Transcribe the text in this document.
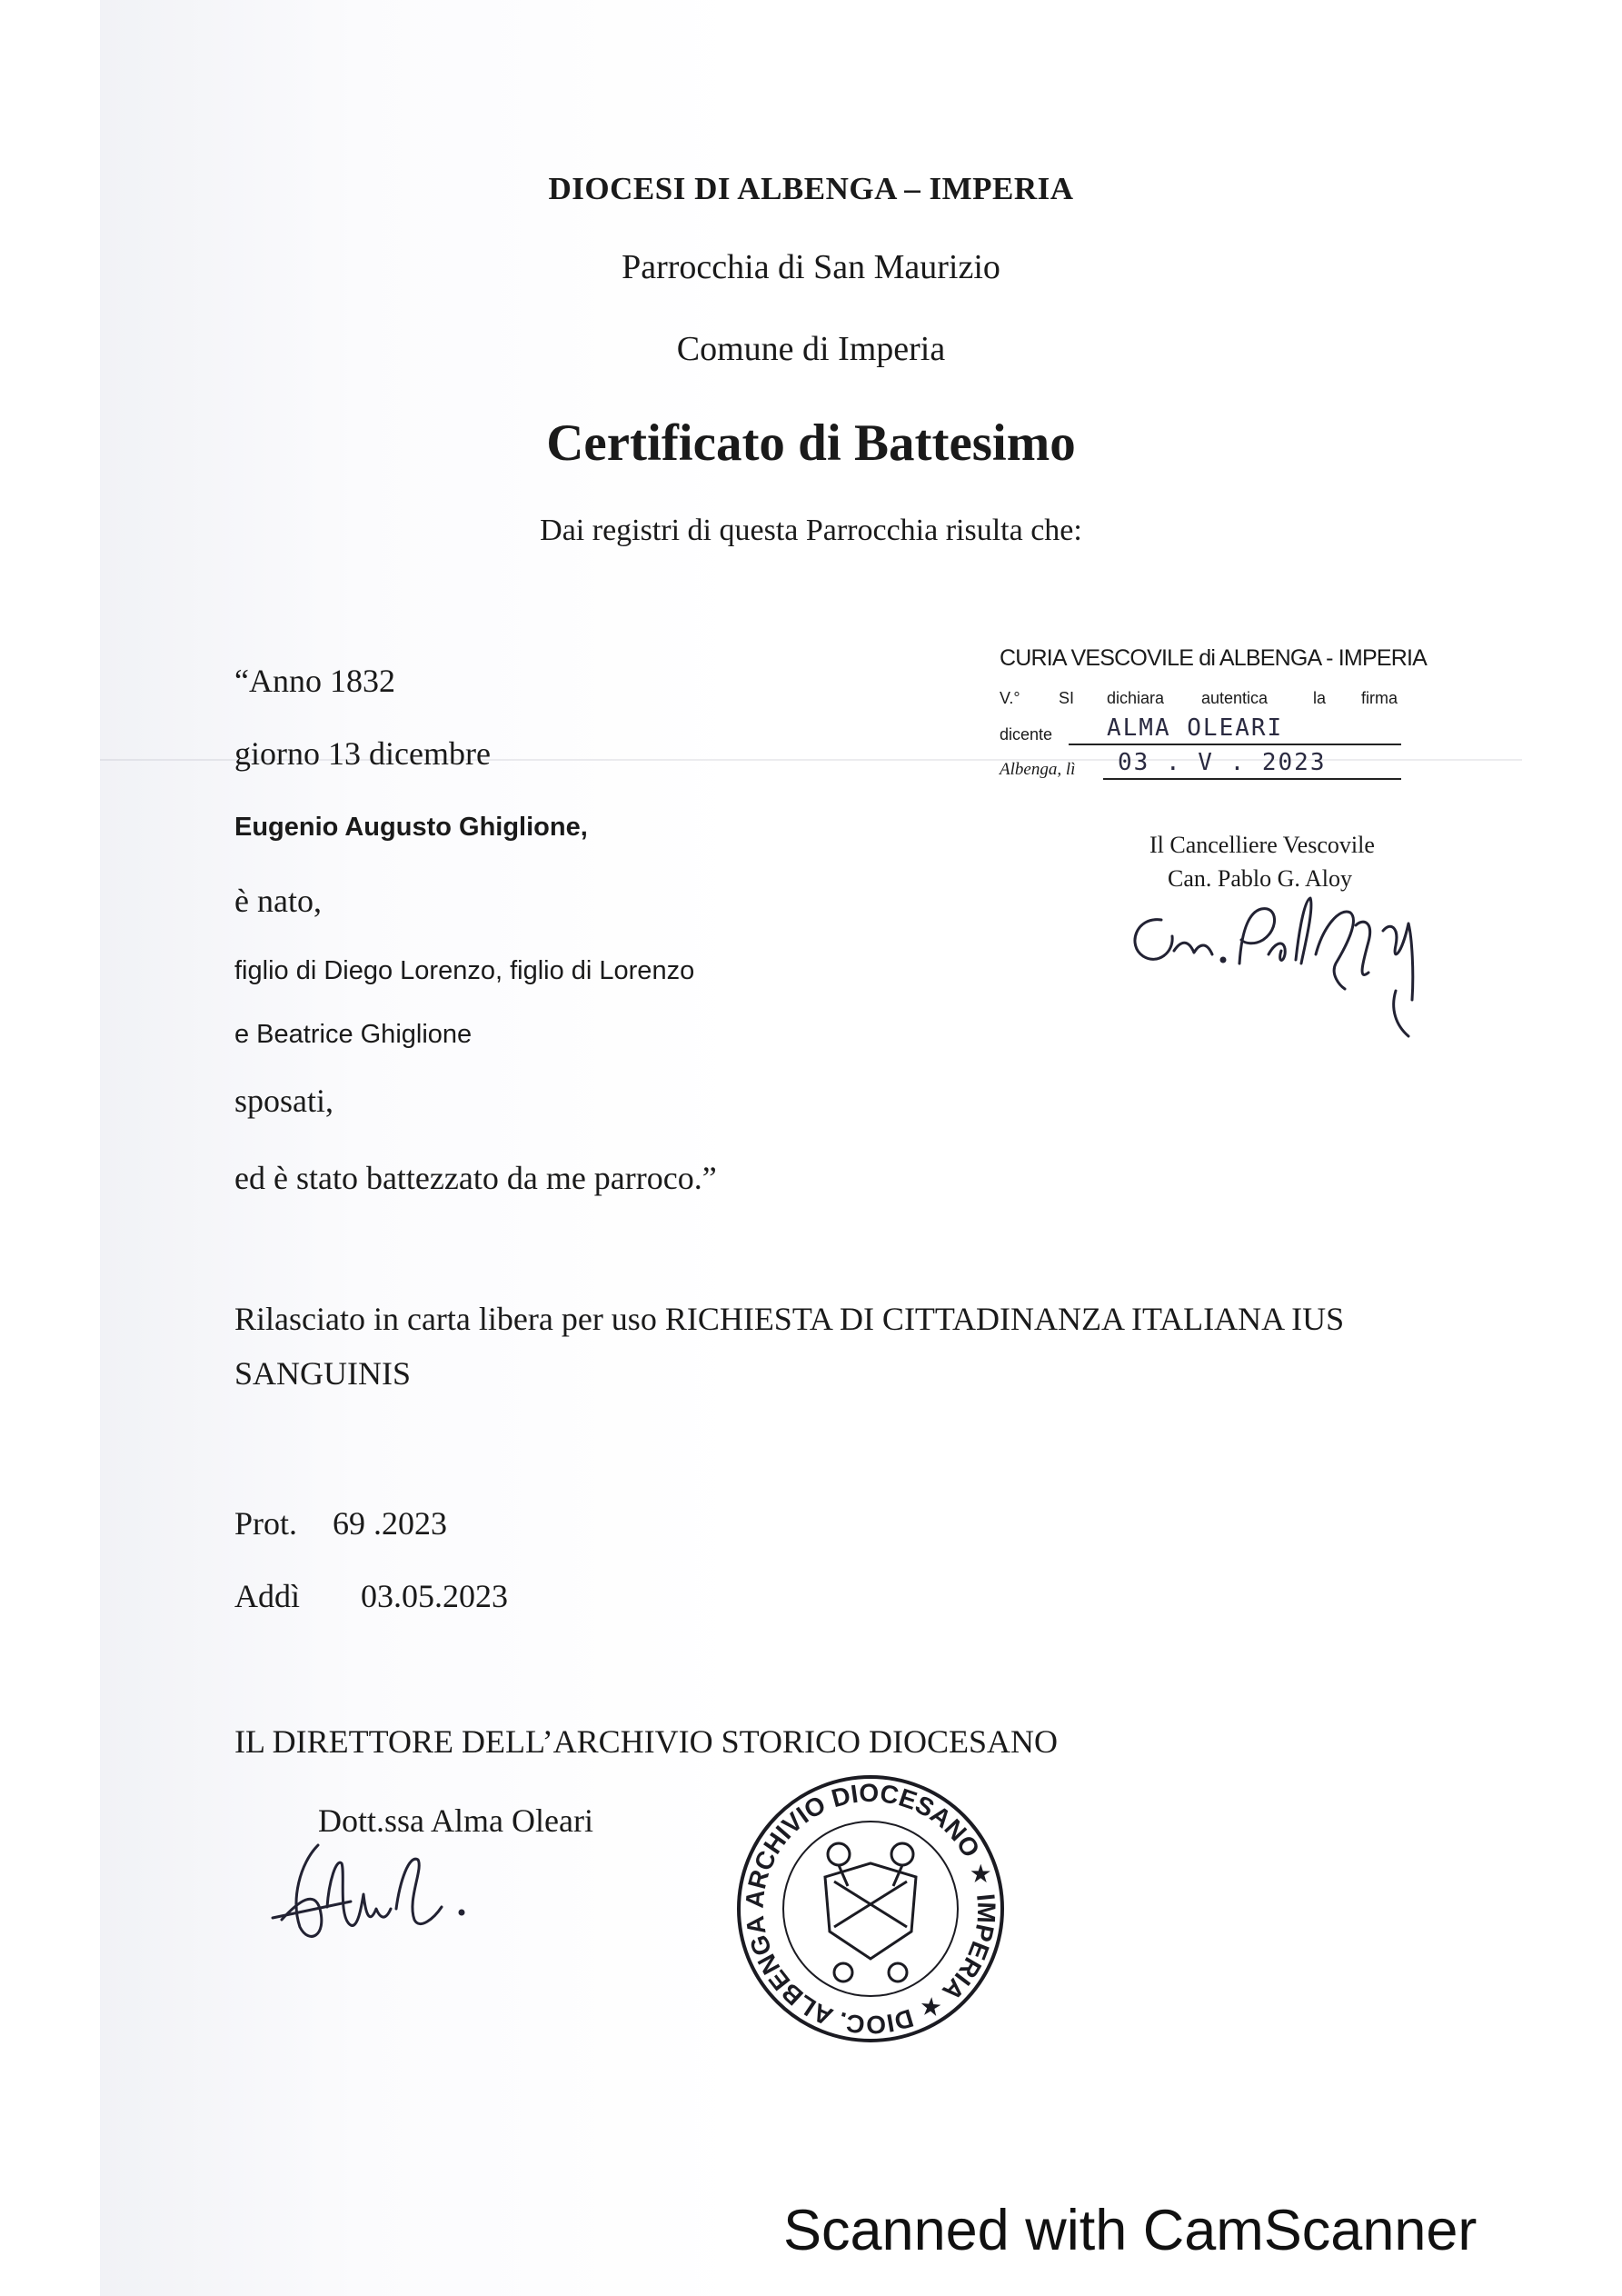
DIOCESI DI ALBENGA – IMPERIA
Parrocchia di San Maurizio
Comune di Imperia
Certificato di Battesimo
Dai registri di questa Parrocchia risulta che:
“Anno 1832
giorno 13 dicembre
Eugenio Augusto Ghiglione,
è nato,
figlio di Diego Lorenzo, figlio di Lorenzo
e Beatrice Ghiglione
sposati,
ed è stato battezzato da me parroco.”
CURIA VESCOVILE di ALBENGA - IMPERIA
V.° SI dichiara autentica	la firma
dicente ALMA OLEARI
Albenga, lì 03 . V . 2023
Il Cancelliere Vescovile
Can. Pablo G. Aloy
Rilasciato in carta libera per uso RICHIESTA DI CITTADINANZA ITALIANA IUS
SANGUINIS
Prot. 69 .2023
Addì 03.05.2023
IL DIRETTORE DELL’ARCHIVIO STORICO DIOCESANO
Dott.ssa Alma Oleari
ARCHIVIO DIOCESANO ★ IMPERIA ★ DIOC. ALBENGA
Scanned with CamScanner
